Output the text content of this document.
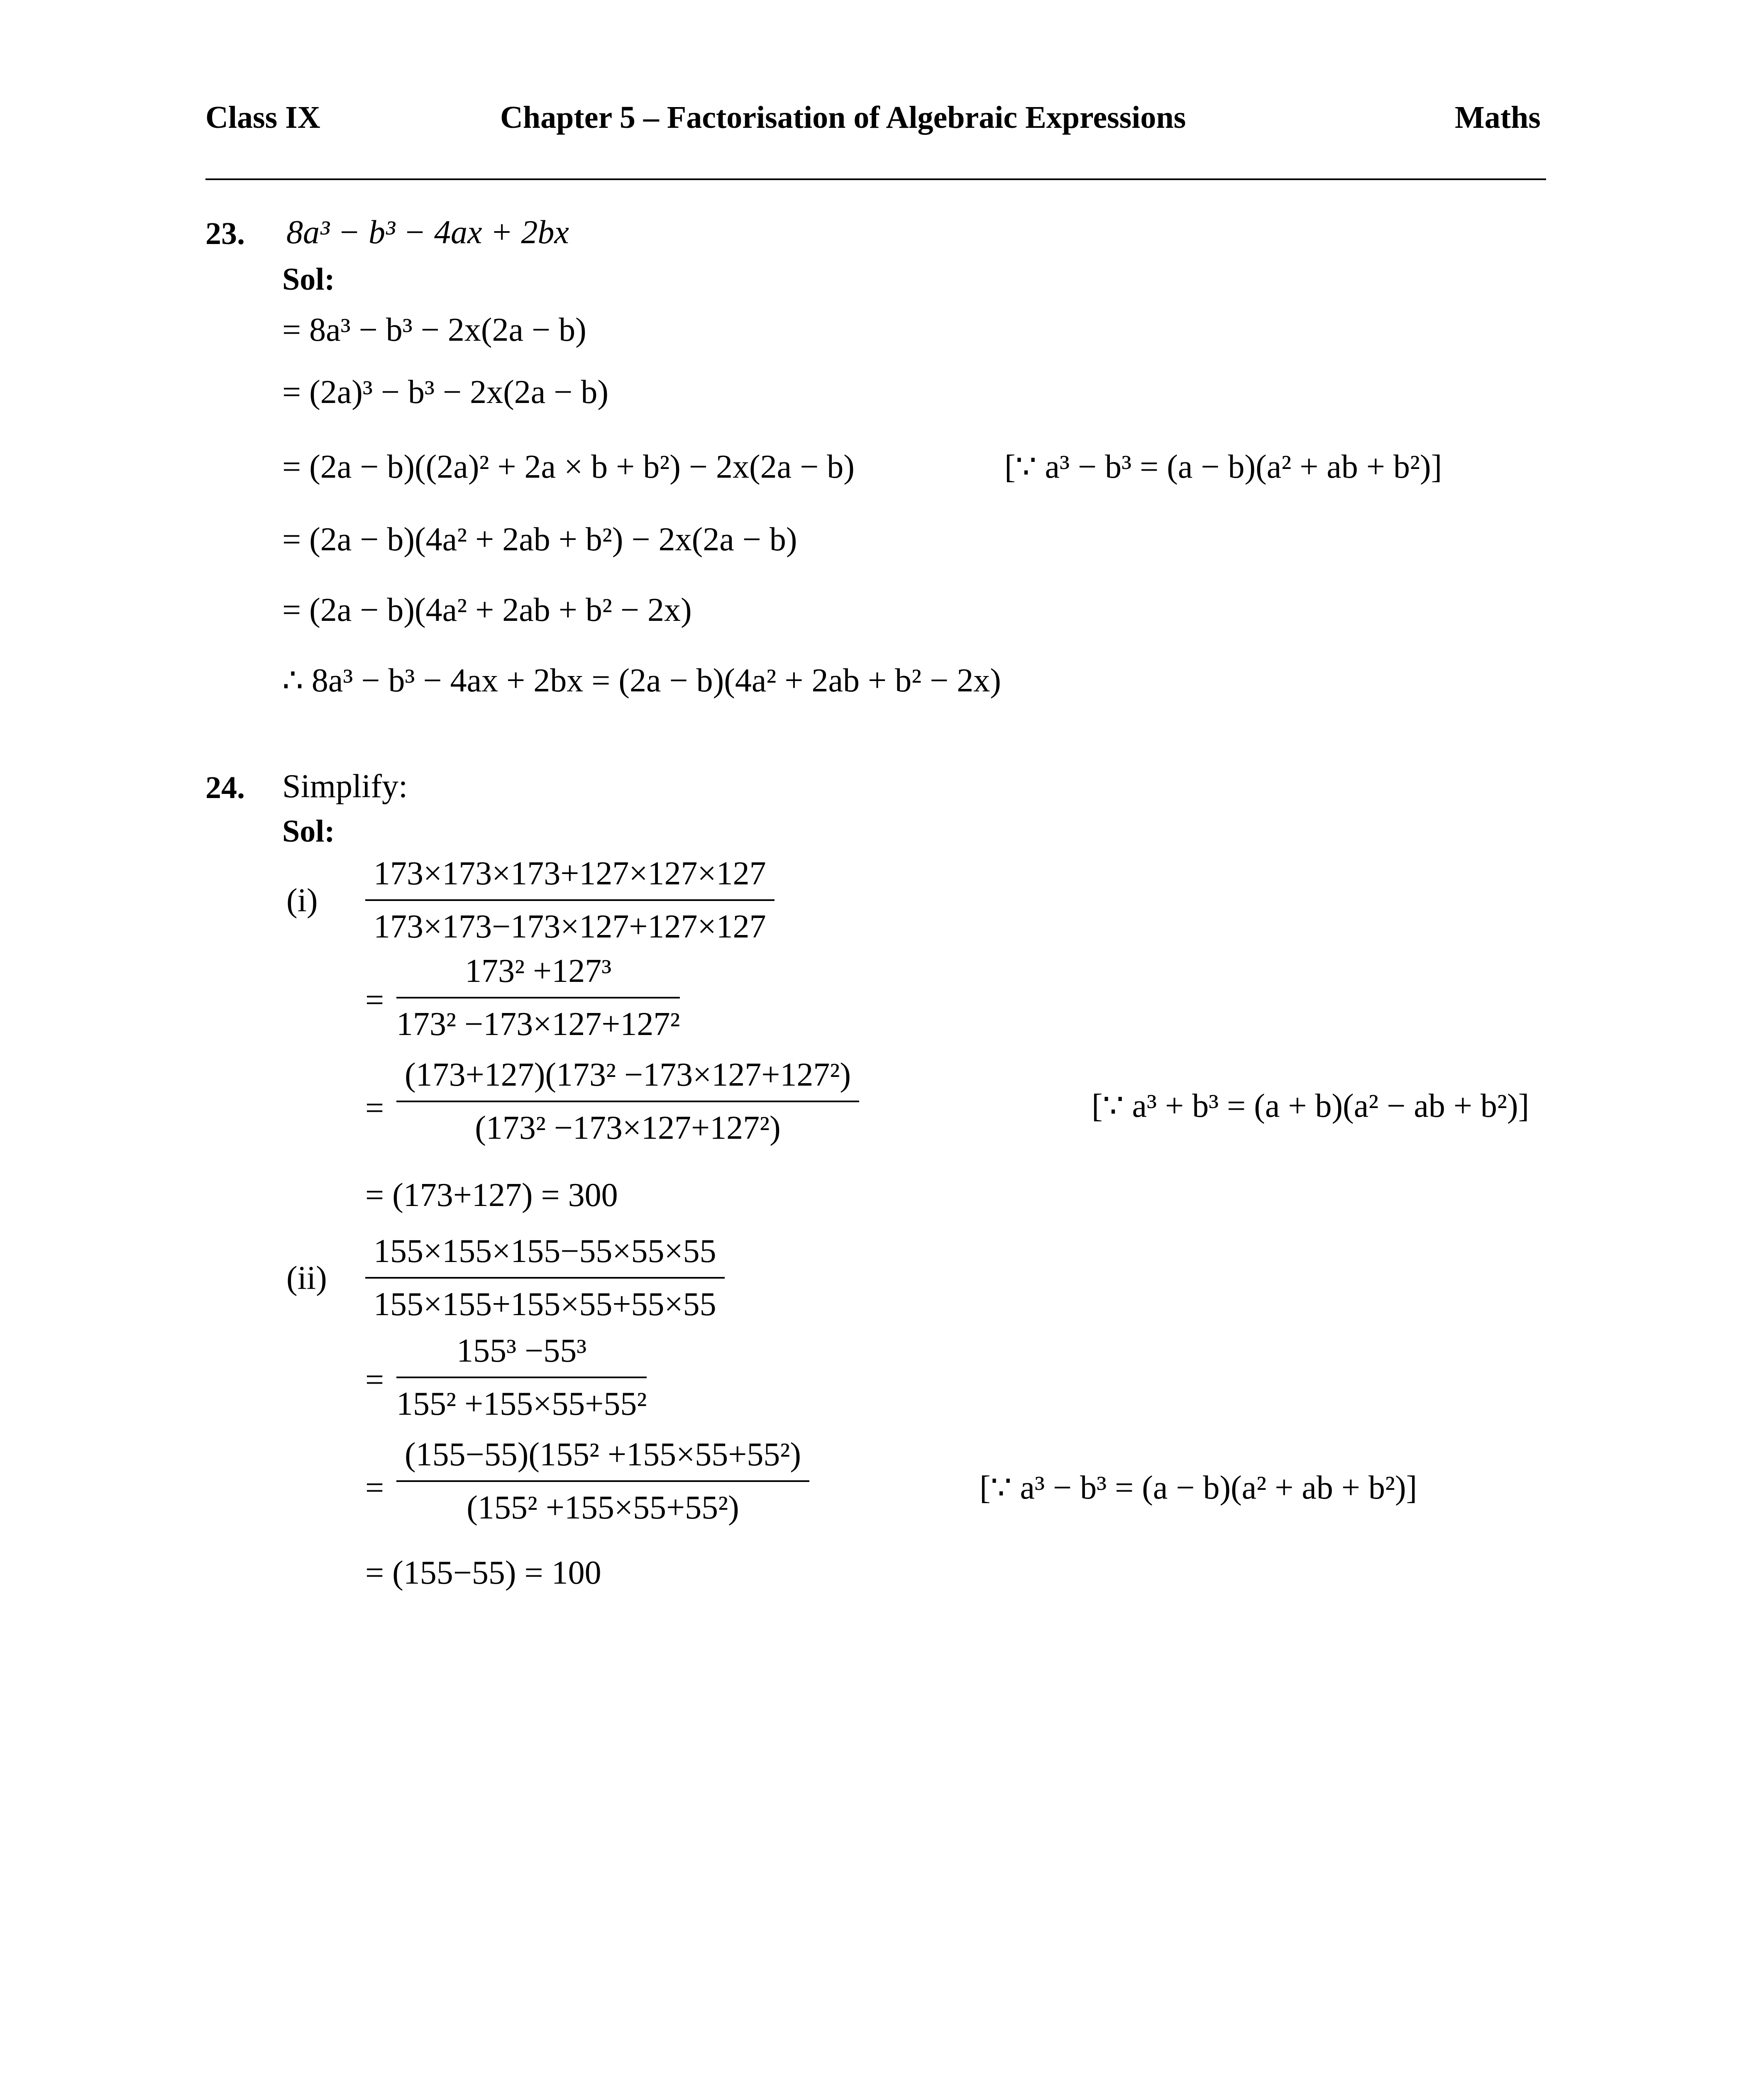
Class IX	Chapter 5 – Factorisation of Algebraic Expressions	Maths
23. 8a³ − b³ − 4ax + 2bx
Sol:
= 8a³ − b³ − 2x(2a − b)
= (2a)³ − b³ − 2x(2a − b)
= (2a − b)((2a)² + 2a × b + b²) − 2x(2a − b)	[∵ a³ − b³ = (a − b)(a² + ab + b²)]
= (2a − b)(4a² + 2ab + b²) − 2x(2a − b)
= (2a − b)(4a² + 2ab + b² − 2x)
∴ 8a³ − b³ − 4ax + 2bx = (2a − b)(4a² + 2ab + b² − 2x)
24. Simplify:
Sol:
$(i) \frac{173\times 173\times 173+127\times 127\times 127}{173\times 173-173\times 127+127\times 127}$
= $\frac{\text{173² +127³}}{\text{173² −173×127+127²}}$
= $\frac{\text{(173+127)(173² −173×127+127²)}}{\text{(173² −173×127+127²)}}$	[∵ a³ + b³ = (a + b)(a² − ab + b²)]
= (173+127) = 300
$(ii) \frac{155\times 155\times 155-55\times 55\times 55}{155\times 155+155\times 55+55\times 55}$
= $\frac{\text{155³ −55³}}{\text{155² +155×55+55²}}$
= $\frac{\text{(155−55)(155² +155×55+55²)}}{\text{(155² +155×55+55²)}}$	[∵ a³ − b³ = (a − b)(a² + ab + b²)]
= (155−55) = 100
